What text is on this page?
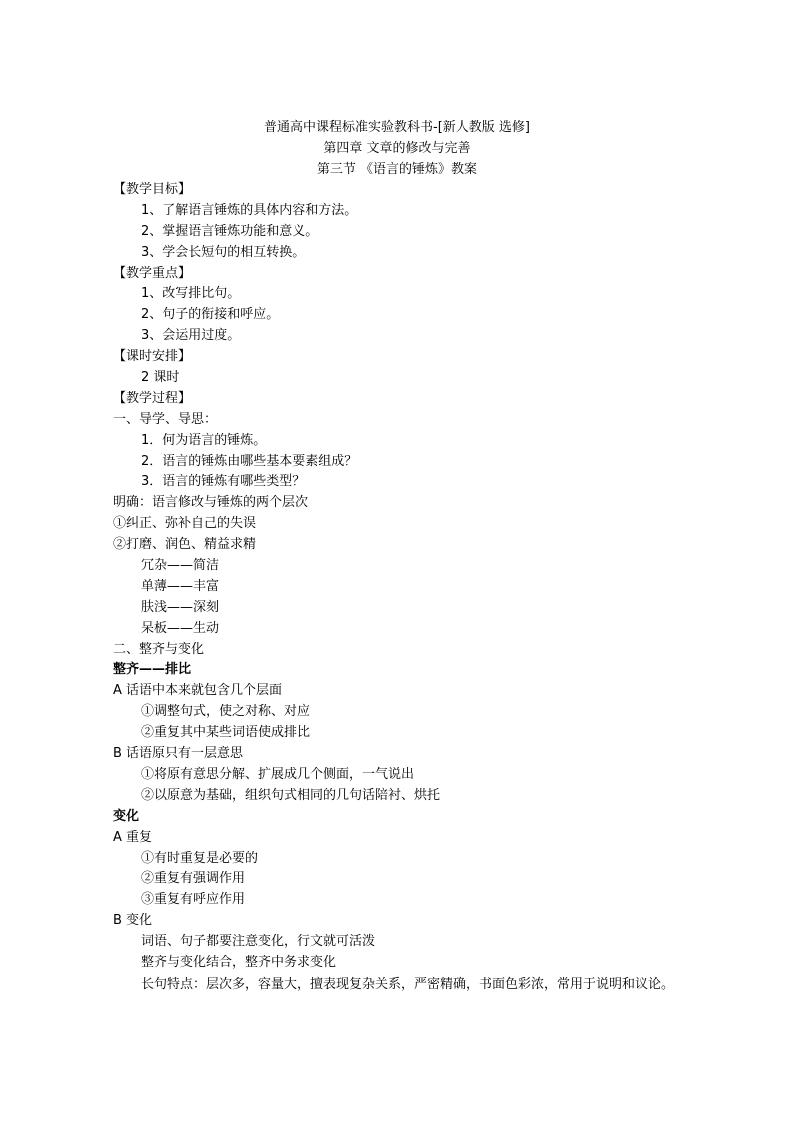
普通高中课程标准实验教科书-[新人教版 选修]
第四章 文章的修改与完善
第三节 《语言的锤炼》教案
【教学目标】
1、了解语言锤炼的具体内容和方法。
2、掌握语言锤炼功能和意义。
3、学会长短句的相互转换。
【教学重点】
1、改写排比句。
2、句子的衔接和呼应。
3、会运用过度。
【课时安排】
2 课时
【教学过程】
一、导学、导思：
1．何为语言的锤炼。
2．语言的锤炼由哪些基本要素组成？
3．语言的锤炼有哪些类型？
明确：语言修改与锤炼的两个层次
①纠正、弥补自己的失误
②打磨、润色、精益求精
冗杂——简洁
单薄——丰富
肤浅——深刻
呆板——生动
二、整齐与变化
整齐——排比
A 话语中本来就包含几个层面
①调整句式，使之对称、对应
②重复其中某些词语使成排比
B 话语原只有一层意思
①将原有意思分解、扩展成几个侧面，一气说出
②以原意为基础，组织句式相同的几句话陪衬、烘托
变化
A 重复
①有时重复是必要的
②重复有强调作用
③重复有呼应作用
B 变化
词语、句子都要注意变化，行文就可活泼
整齐与变化结合，整齐中务求变化
长句特点：层次多，容量大，擅表现复杂关系，严密精确，书面色彩浓，常用于说明和议论。
